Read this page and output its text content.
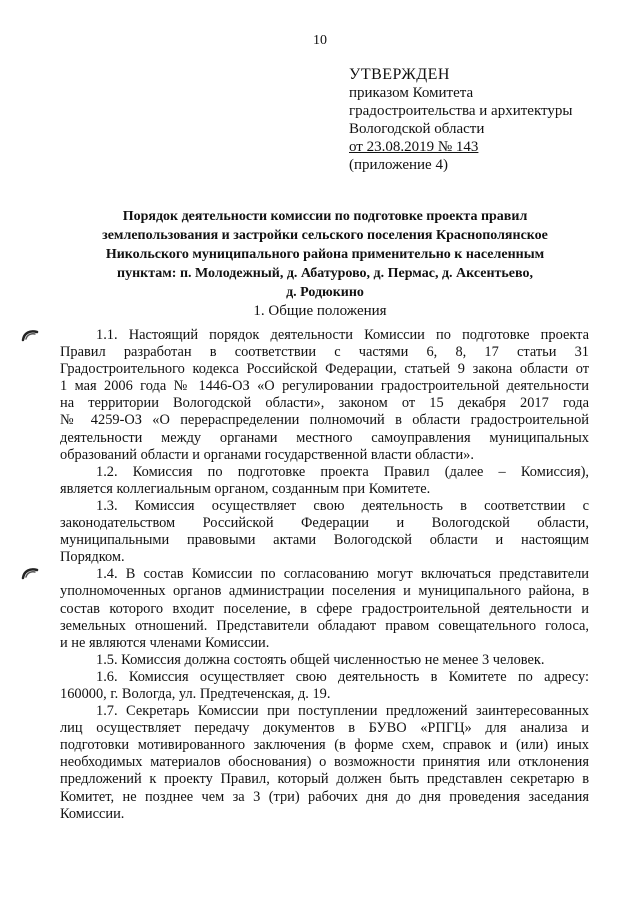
10
УТВЕРЖДЕН
приказом Комитета
градостроительства и архитектуры
Вологодской области
от 23.08.2019 № 143
(приложение 4)
Порядок деятельности комиссии по подготовке проекта правил
землепользования и застройки сельского поселения Краснополянское
Никольского муниципального района применительно к населенным
пунктам: п. Молодежный, д. Абатурово, д. Пермас, д. Аксентьево,
д. Родюкино
1. Общие положения
1.1. Настоящий порядок деятельности Комиссии по подготовке проекта
Правил разработан в соответствии с частями 6, 8, 17 статьи 31
Градостроительного кодекса Российской Федерации, статьей 9 закона области от
1 мая 2006 года № 1446-ОЗ «О регулировании градостроительной деятельности
на территории Вологодской области», законом от 15 декабря 2017 года
№ 4259-ОЗ «О перераспределении полномочий в области градостроительной
деятельности между органами местного самоуправления муниципальных
образований области и органами государственной власти области».
1.2. Комиссия по подготовке проекта Правил (далее – Комиссия),
является коллегиальным органом, созданным при Комитете.
1.3. Комиссия осуществляет свою деятельность в соответствии с
законодательством Российской Федерации и Вологодской области,
муниципальными правовыми актами Вологодской области и настоящим
Порядком.
1.4. В состав Комиссии по согласованию могут включаться представители
уполномоченных органов администрации поселения и муниципального района, в
состав которого входит поселение, в сфере градостроительной деятельности и
земельных отношений. Представители обладают правом совещательного голоса,
и не являются членами Комиссии.
1.5. Комиссия должна состоять общей численностью не менее 3 человек.
1.6. Комиссия осуществляет свою деятельность в Комитете по адресу:
160000, г. Вологда, ул. Предтеченская, д. 19.
1.7. Секретарь Комиссии при поступлении предложений заинтересованных
лиц осуществляет передачу документов в БУВО «РПГЦ» для анализа и
подготовки мотивированного заключения (в форме схем, справок и (или) иных
необходимых материалов обоснования) о возможности принятия или отклонения
предложений к проекту Правил, который должен быть представлен секретарю в
Комитет, не позднее чем за 3 (три) рабочих дня до дня проведения заседания
Комиссии.
